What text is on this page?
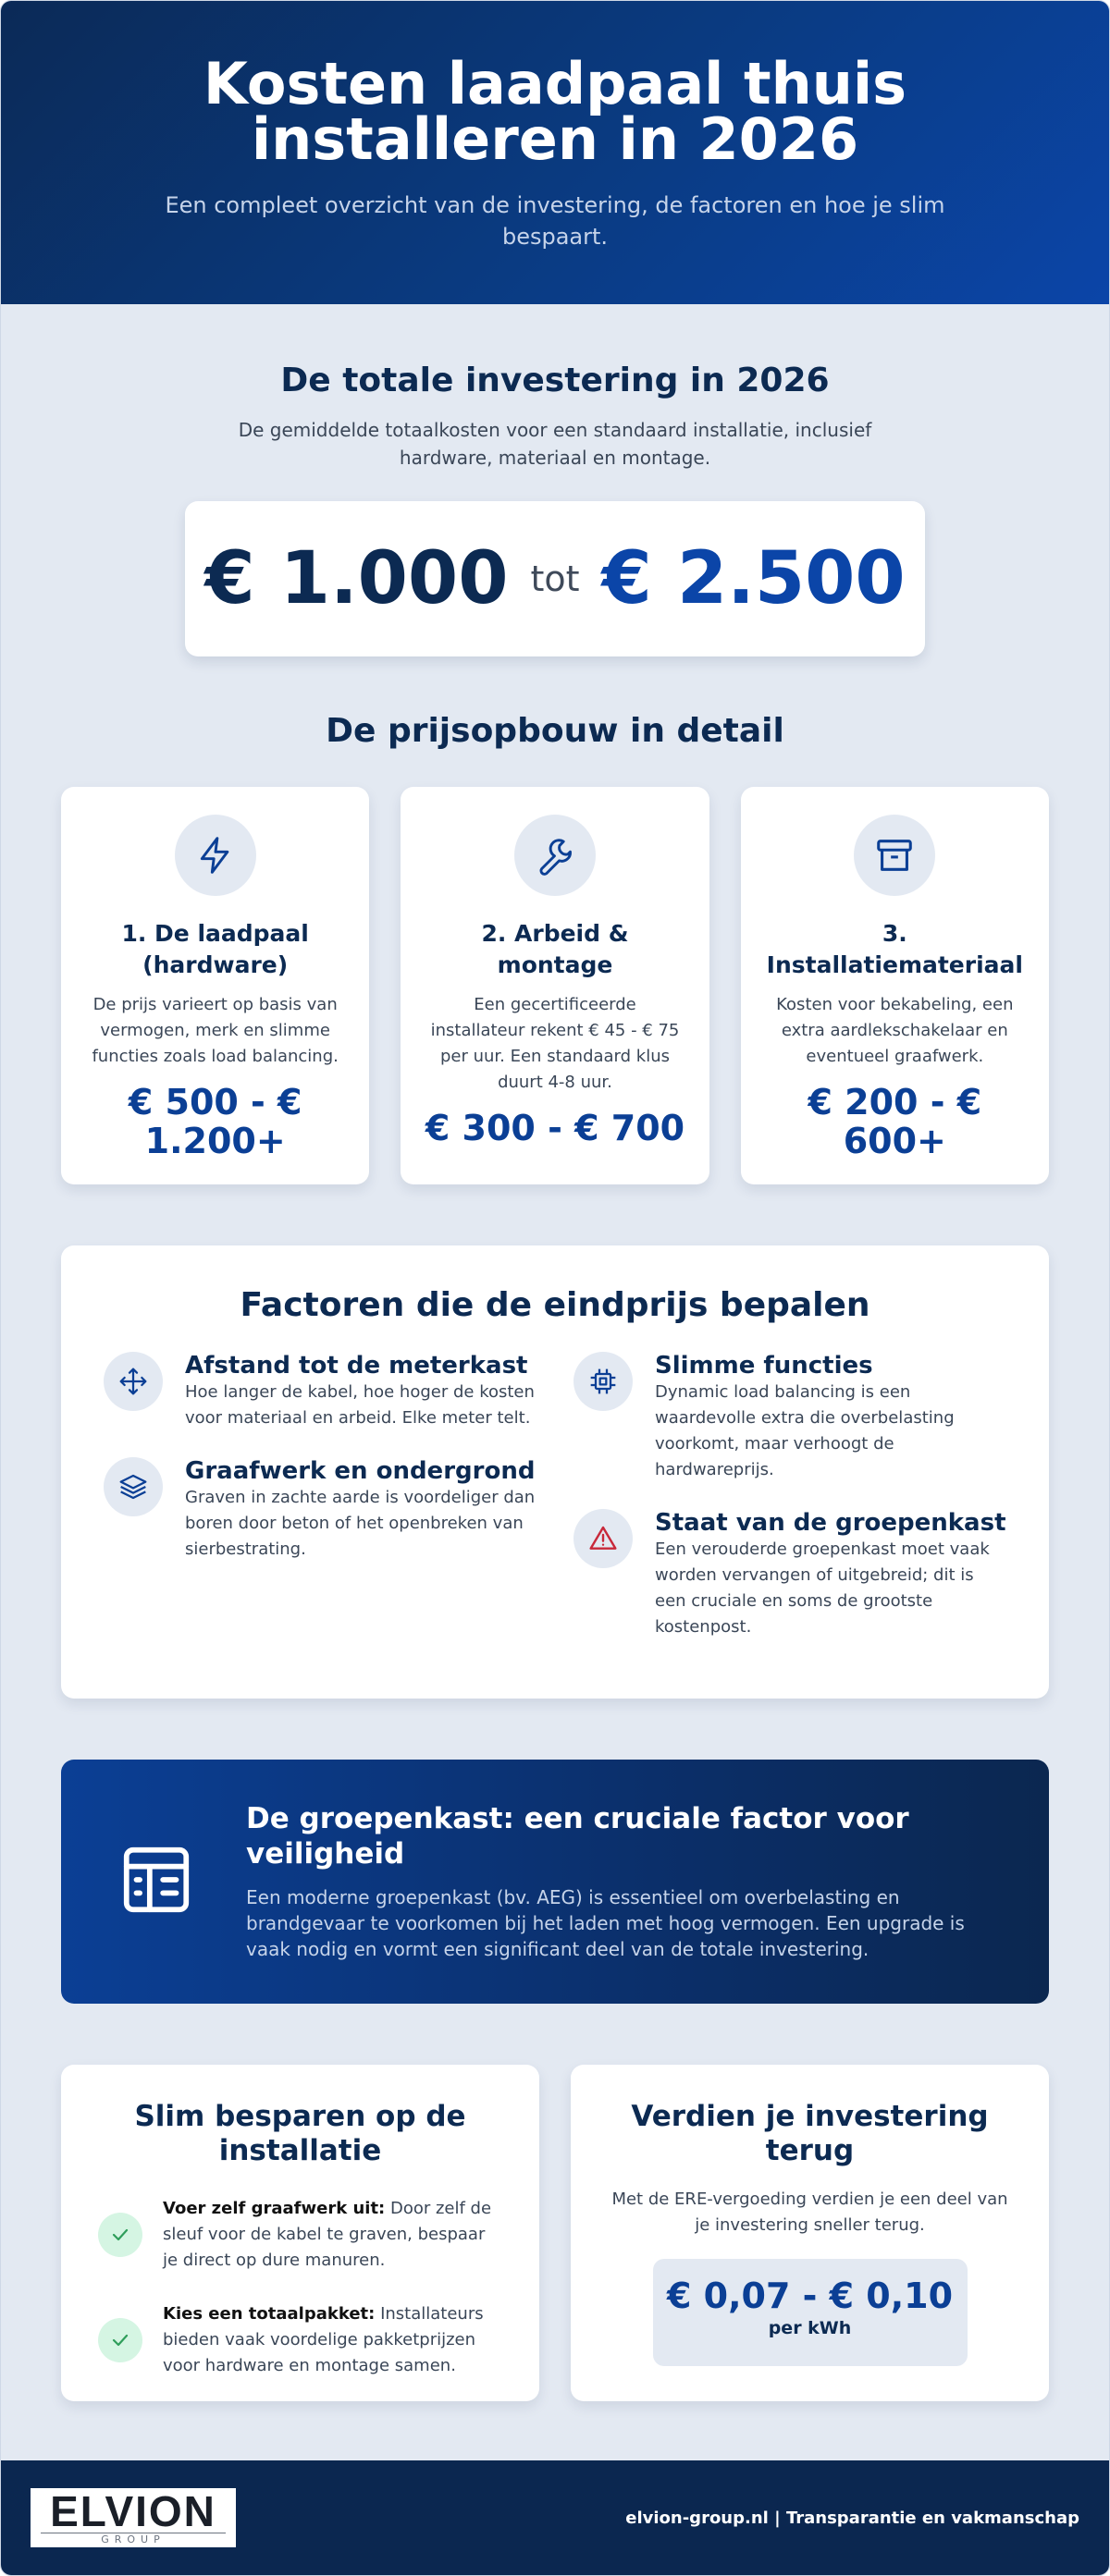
Kosten laadpaal thuis
installeren in 2026

Een compleet overzicht van de investering, de factoren en hoe je slim bespaart.

De totale investering in 2026

De gemiddelde totaalkosten voor een standaard installatie, inclusief hardware, materiaal en montage.

€ 1.000 tot € 2.500
De prijsopbouw in detail
1. De laadpaal (hardware)

De prijs varieert op basis van vermogen, merk en slimme functies zoals load balancing.

€ 500 - € 1.200+
2. Arbeid & montage

Een gecertificeerde installateur rekent € 45 - € 75 per uur. Een standaard klus duurt 4-8 uur.

€ 300 - € 700
3. Installatiemateriaal

Kosten voor bekabeling, een extra aardlekschakelaar en eventueel graafwerk.

€ 200 - € 600+
Factoren die de eindprijs bepalen
Afstand tot de meterkast

Hoe langer de kabel, hoe hoger de kosten voor materiaal en arbeid. Elke meter telt.

Graafwerk en ondergrond

Graven in zachte aarde is voordeliger dan boren door beton of het openbreken van sierbestrating.

Slimme functies

Dynamic load balancing is een waardevolle extra die overbelasting voorkomt, maar verhoogt de hardwareprijs.

Staat van de groepenkast

Een verouderde groepenkast moet vaak worden vervangen of uitgebreid; dit is een cruciale en soms de grootste kostenpost.

De groepenkast: een cruciale factor voor veiligheid

Een moderne groepenkast (bv. AEG) is essentieel om overbelasting en brandgevaar te voorkomen bij het laden met hoog vermogen. Een upgrade is vaak nodig en vormt een significant deel van de totale investering.

Slim besparen op de installatie

Voer zelf graafwerk uit: Door zelf de sleuf voor de kabel te graven, bespaar je direct op dure manuren.

Kies een totaalpakket: Installateurs bieden vaak voordelige pakketprijzen voor hardware en montage samen.

Verdien je investering terug

Met de ERE-vergoeding verdien je een deel van je investering sneller terug.

€ 0,07 - € 0,10
per kWh
ELVION
GROUP
elvion-group.nl | Transparantie en vakmanschap
